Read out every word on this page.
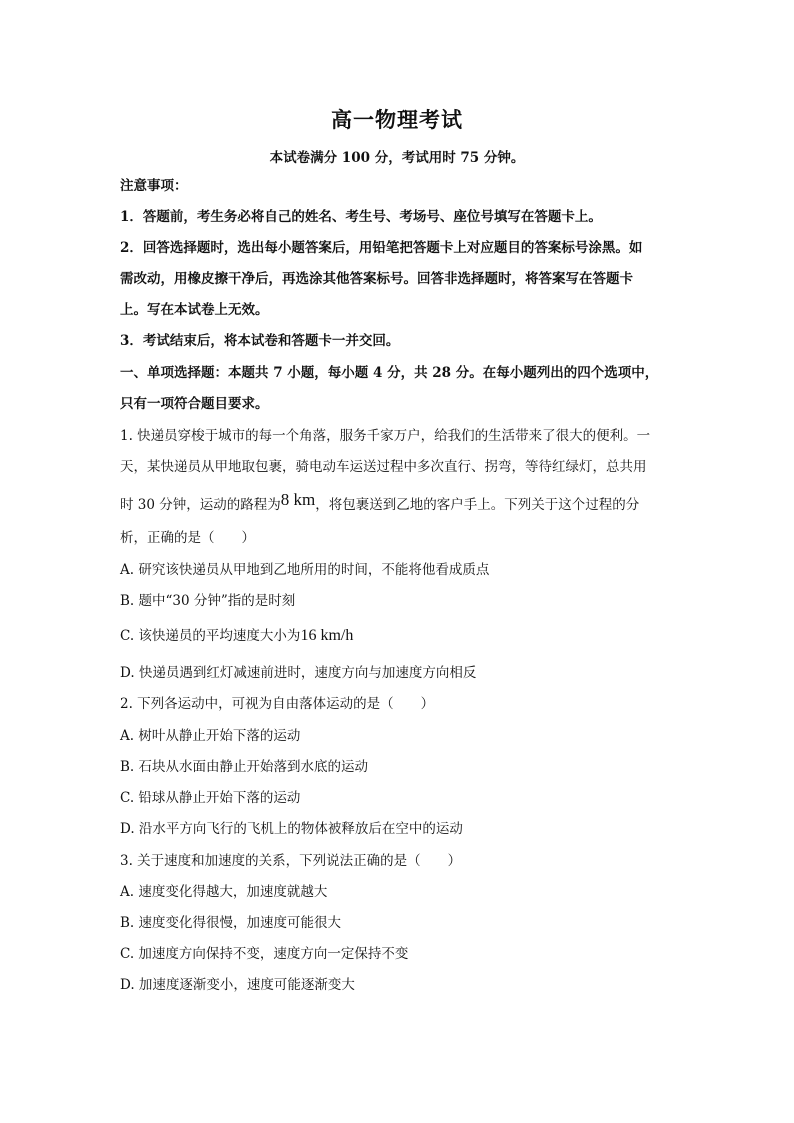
高一物理考试
本试卷满分 100 分，考试用时 75 分钟。
注意事项：
1．答题前，考生务必将自己的姓名、考生号、考场号、座位号填写在答题卡上。
2．回答选择题时，选出每小题答案后，用铅笔把答题卡上对应题目的答案标号涂黑。如
需改动，用橡皮擦干净后，再选涂其他答案标号。回答非选择题时，将答案写在答题卡
上。写在本试卷上无效。
3．考试结束后，将本试卷和答题卡一并交回。
一、单项选择题：本题共 7 小题，每小题 4 分，共 28 分。在每小题列出的四个选项中，
只有一项符合题目要求。
1. 快递员穿梭于城市的每一个角落，服务千家万户，给我们的生活带来了很大的便利。一
天，某快递员从甲地取包裹，骑电动车运送过程中多次直行、拐弯，等待红绿灯，总共用
时 30 分钟，运动的路程为8 km，将包裹送到乙地的客户手上。下列关于这个过程的分
析，正确的是（　　）
A. 研究该快递员从甲地到乙地所用的时间，不能将他看成质点
B. 题中“30 分钟”指的是时刻
C. 该快递员的平均速度大小为16 km/h
D. 快递员遇到红灯减速前进时，速度方向与加速度方向相反
2. 下列各运动中，可视为自由落体运动的是（　　）
A. 树叶从静止开始下落的运动
B. 石块从水面由静止开始落到水底的运动
C. 铅球从静止开始下落的运动
D. 沿水平方向飞行的飞机上的物体被释放后在空中的运动
3. 关于速度和加速度的关系，下列说法正确的是（　　）
A. 速度变化得越大，加速度就越大
B. 速度变化得很慢，加速度可能很大
C. 加速度方向保持不变，速度方向一定保持不变
D. 加速度逐渐变小，速度可能逐渐变大
